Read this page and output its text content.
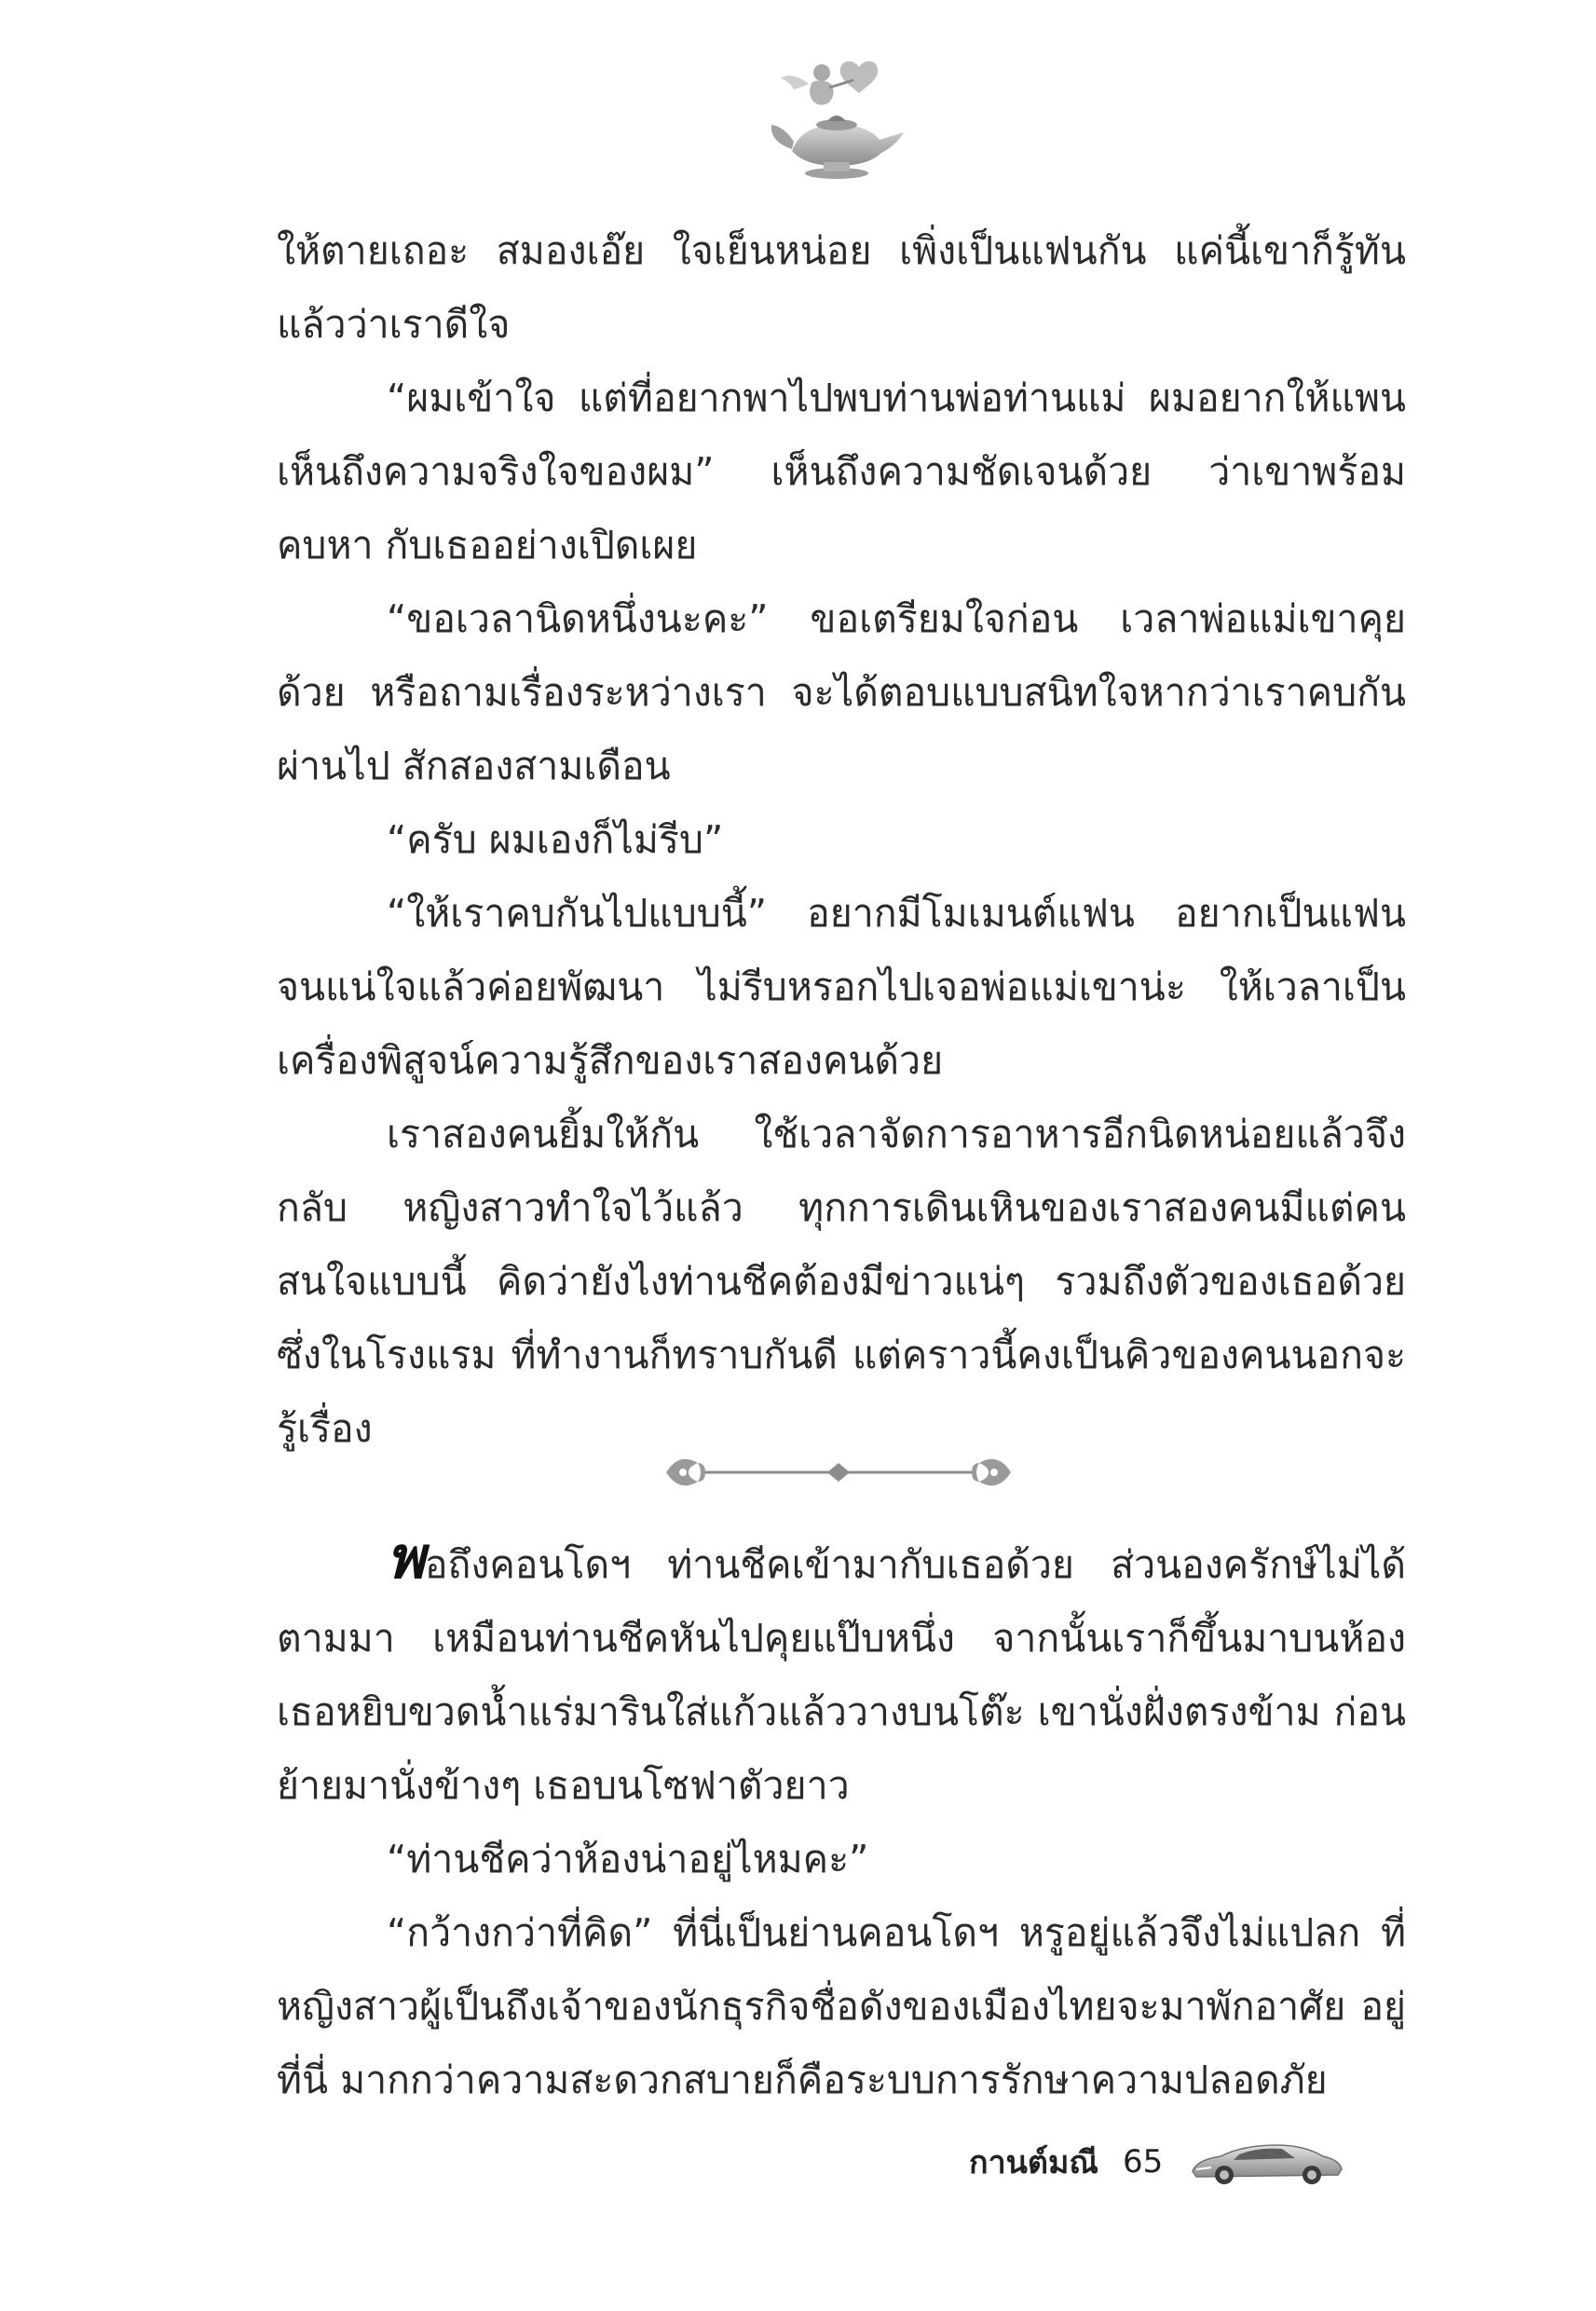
ให้ตายเถอะ สมองเอ๊ย ใจเย็นหน่อย เพิ่งเป็นแฟนกัน แค่นี้เขาก็รู้ทัน แล้วว่าเราดีใจ

“ผมเข้าใจ แต่ที่อยากพาไปพบท่านพ่อท่านแม่ ผมอยากให้แพน เห็นถึงความจริงใจของผม” เห็นถึงความชัดเจนด้วย ว่าเขาพร้อมคบหา กับเธออย่างเปิดเผย

“ขอเวลานิดหนึ่งนะคะ” ขอเตรียมใจก่อน เวลาพ่อแม่เขาคุยด้วย หรือถามเรื่องระหว่างเรา จะได้ตอบแบบสนิทใจหากว่าเราคบกันผ่านไป สักสองสามเดือน

“ครับ ผมเองก็ไม่รีบ”

“ให้เราคบกันไปแบบนี้” อยากมีโมเมนต์แฟน อยากเป็นแฟน จนแน่ใจแล้วค่อยพัฒนา ไม่รีบหรอกไปเจอพ่อแม่เขาน่ะ ให้เวลาเป็น เครื่องพิสูจน์ความรู้สึกของเราสองคนด้วย

เราสองคนยิ้มให้กัน ใช้เวลาจัดการอาหารอีกนิดหน่อยแล้วจึงกลับ หญิงสาวทำใจไว้แล้ว ทุกการเดินเหินของเราสองคนมีแต่คนสนใจแบบนี้ คิดว่ายังไงท่านชีคต้องมีข่าวแน่ๆ รวมถึงตัวของเธอด้วย ซึ่งในโรงแรม ที่ทำงานก็ทราบกันดี แต่คราวนี้คงเป็นคิวของคนนอกจะรู้เรื่อง

พอถึงคอนโดฯ ท่านชีคเข้ามากับเธอด้วย ส่วนองครักษ์ไม่ได้ ตามมา เหมือนท่านชีคหันไปคุยแป๊บหนึ่ง จากนั้นเราก็ขึ้นมาบนห้อง เธอหยิบขวดน้ำแร่มารินใส่แก้วแล้ววางบนโต๊ะ เขานั่งฝั่งตรงข้าม ก่อน ย้ายมานั่งข้างๆ เธอบนโซฟาตัวยาว

“ท่านชีคว่าห้องน่าอยู่ไหมคะ”

“กว้างกว่าที่คิด” ที่นี่เป็นย่านคอนโดฯ หรูอยู่แล้วจึงไม่แปลก ที่หญิงสาวผู้เป็นถึงเจ้าของนักธุรกิจชื่อดังของเมืองไทยจะมาพักอาศัย อยู่ที่นี่ มากกว่าความสะดวกสบายก็คือระบบการรักษาความปลอดภัย

กานต์มณี 65
